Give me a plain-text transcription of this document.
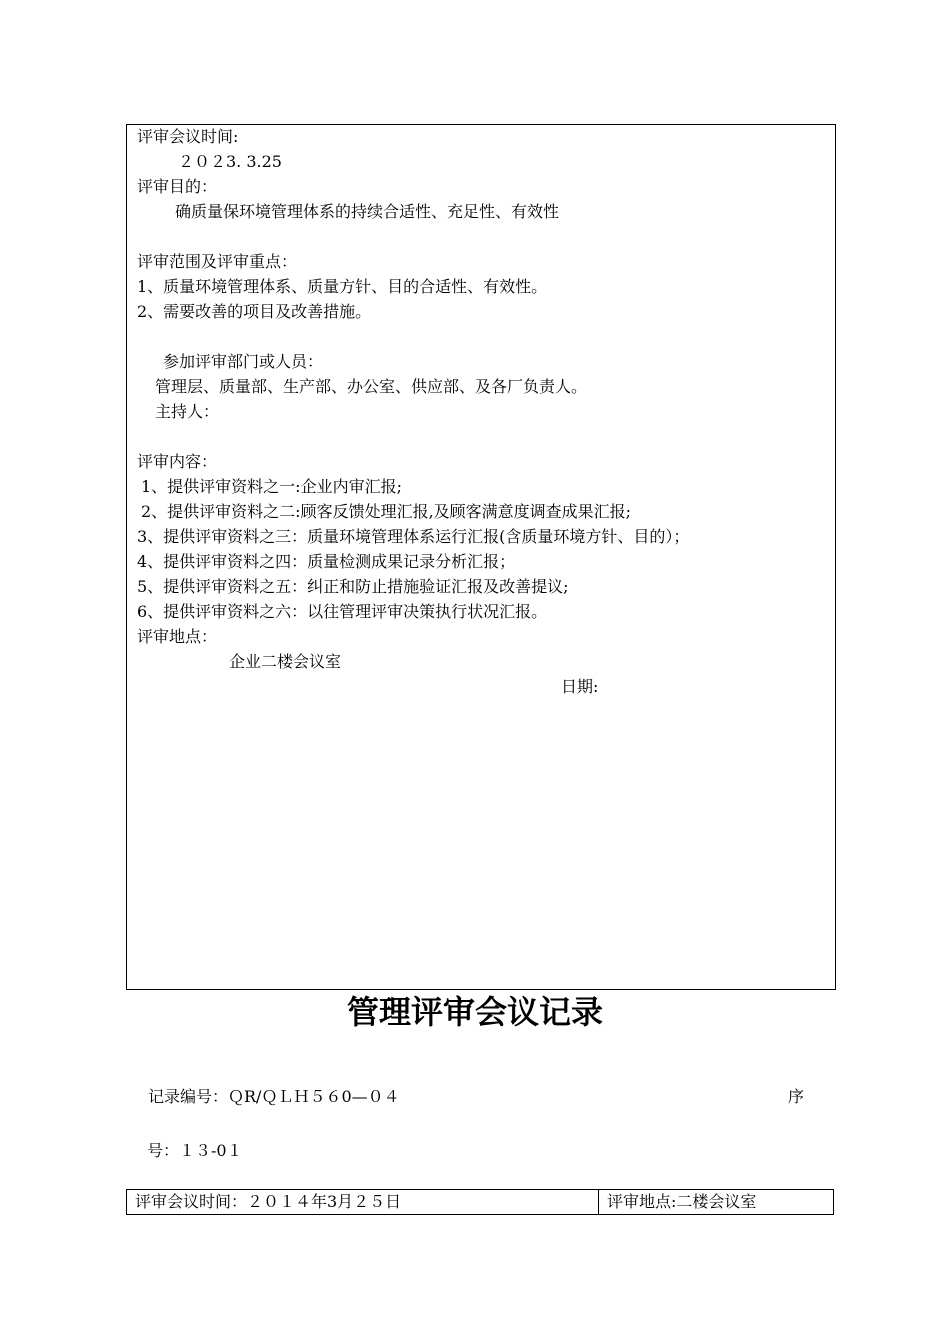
评审会议时间:
２０２3. 3.25
评审目的：
确质量保环境管理体系的持续合适性、充足性、有效性
评审范围及评审重点：
1、质量环境管理体系、质量方针、目的合适性、有效性。
2、需要改善的项目及改善措施。
参加评审部门或人员：
管理层、质量部、生产部、办公室、供应部、及各厂负责人。
主持人：
评审内容：
1、提供评审资料之一:企业内审汇报;
2、提供评审资料之二:顾客反馈处理汇报,及顾客满意度调查成果汇报;
3、提供评审资料之三：质量环境管理体系运行汇报(含质量环境方针、目的）；
4、提供评审资料之四：质量检测成果记录分析汇报；
5、提供评审资料之五：纠正和防止措施验证汇报及改善提议;
6、提供评审资料之六：以往管理评审决策执行状况汇报。
评审地点：
企业二楼会议室
日期:
管理评审会议记录
记录编号：ＱR/ＱＬＨ５６0—０４	序
号：１３-0１
评审会议时间：２０１４年3月２５日	评审地点:二楼会议室
